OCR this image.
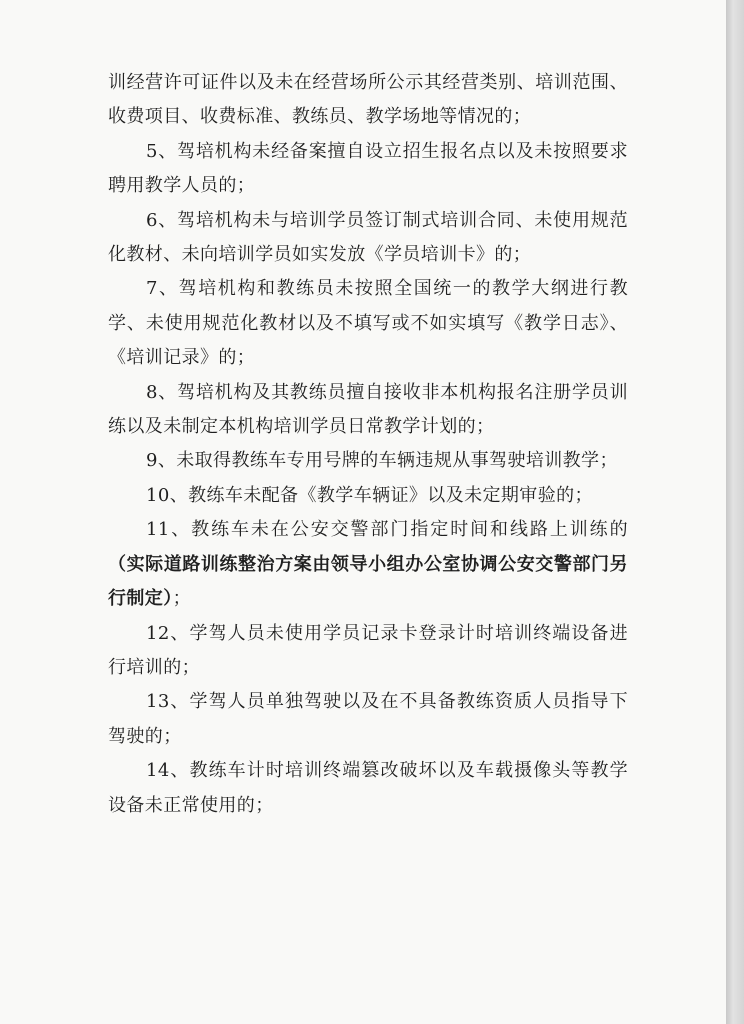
训经营许可证件以及未在经营场所公示其经营类别、培训范围、收费项目、收费标准、教练员、教学场地等情况的；

5、驾培机构未经备案擅自设立招生报名点以及未按照要求聘用教学人员的；

6、驾培机构未与培训学员签订制式培训合同、未使用规范化教材、未向培训学员如实发放《学员培训卡》的；

7、驾培机构和教练员未按照全国统一的教学大纲进行教学、未使用规范化教材以及不填写或不如实填写《教学日志》、《培训记录》的；

8、驾培机构及其教练员擅自接收非本机构报名注册学员训练以及未制定本机构培训学员日常教学计划的；

9、未取得教练车专用号牌的车辆违规从事驾驶培训教学；

10、教练车未配备《教学车辆证》以及未定期审验的；

11、教练车未在公安交警部门指定时间和线路上训练的（实际道路训练整治方案由领导小组办公室协调公安交警部门另行制定）；

12、学驾人员未使用学员记录卡登录计时培训终端设备进行培训的；

13、学驾人员单独驾驶以及在不具备教练资质人员指导下驾驶的；

14、教练车计时培训终端篡改破坏以及车载摄像头等教学设备未正常使用的；
